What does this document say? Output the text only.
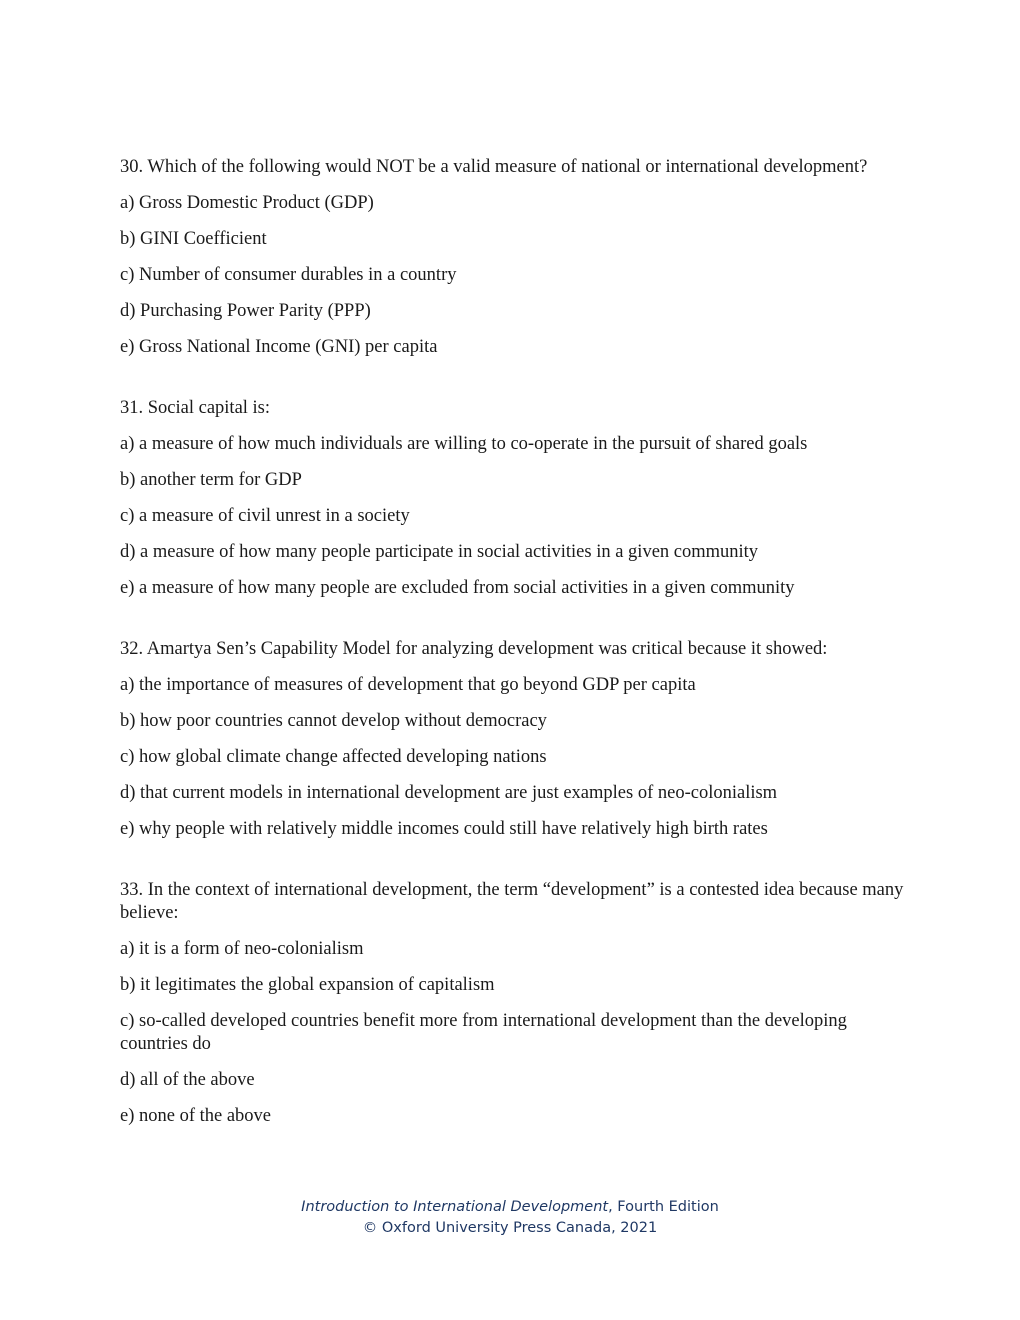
30. Which of the following would NOT be a valid measure of national or international development?
a) Gross Domestic Product (GDP)
b) GINI Coefficient
c) Number of consumer durables in a country
d) Purchasing Power Parity (PPP)
e) Gross National Income (GNI) per capita
31. Social capital is:
a) a measure of how much individuals are willing to co-operate in the pursuit of shared goals
b) another term for GDP
c) a measure of civil unrest in a society
d) a measure of how many people participate in social activities in a given community
e) a measure of how many people are excluded from social activities in a given community
32. Amartya Sen’s Capability Model for analyzing development was critical because it showed:
a) the importance of measures of development that go beyond GDP per capita
b) how poor countries cannot develop without democracy
c) how global climate change affected developing nations
d) that current models in international development are just examples of neo-colonialism
e) why people with relatively middle incomes could still have relatively high birth rates
33. In the context of international development, the term “development” is a contested idea because many believe:
a) it is a form of neo-colonialism
b) it legitimates the global expansion of capitalism
c) so-called developed countries benefit more from international development than the developing countries do
d) all of the above
e) none of the above
Introduction to International Development, Fourth Edition
© Oxford University Press Canada, 2021
